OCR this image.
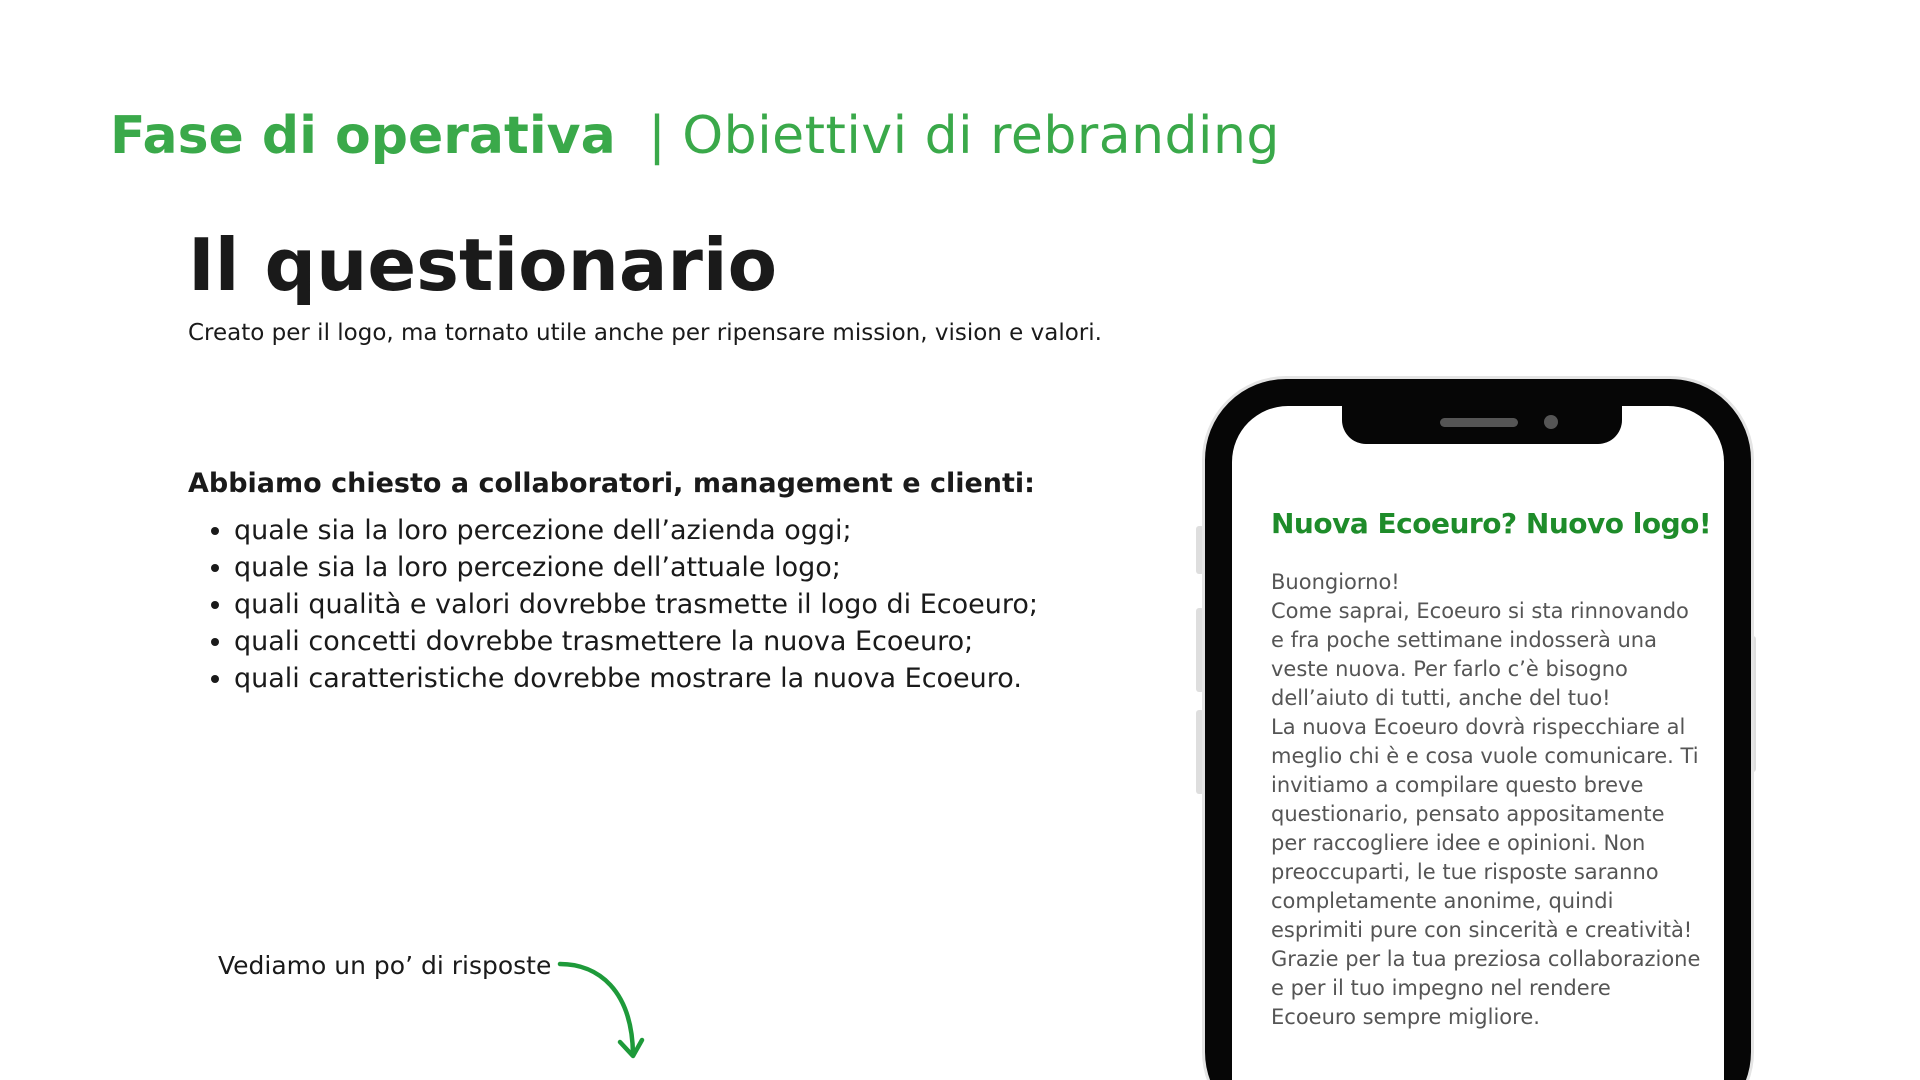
Fase di operativa | Obiettivi di rebranding
Il questionario

Creato per il logo, ma tornato utile anche per ripensare mission, vision e valori.

Abbiamo chiesto a collaboratori, management e clienti:

• quale sia la loro percezione dell’azienda oggi;
• quale sia la loro percezione dell’attuale logo;
• quali qualità e valori dovrebbe trasmette il logo di Ecoeuro;
• quali concetti dovrebbe trasmettere la nuova Ecoeuro;
• quali caratteristiche dovrebbe mostrare la nuova Ecoeuro.
Vediamo un po’ di risposte
Nuova Ecoeuro? Nuovo logo!

Buongiorno!

Come saprai, Ecoeuro si sta rinnovando e fra poche settimane indosserà una veste nuova. Per farlo c’è bisogno dell’aiuto di tutti, anche del tuo!

La nuova Ecoeuro dovrà rispecchiare al meglio chi è e cosa vuole comunicare. Ti invitiamo a compilare questo breve questionario, pensato appositamente per raccogliere idee e opinioni. Non preoccuparti, le tue risposte saranno completamente anonime, quindi esprimiti pure con sincerità e creatività!

Grazie per la tua preziosa collaborazione e per il tuo impegno nel rendere Ecoeuro sempre migliore.
